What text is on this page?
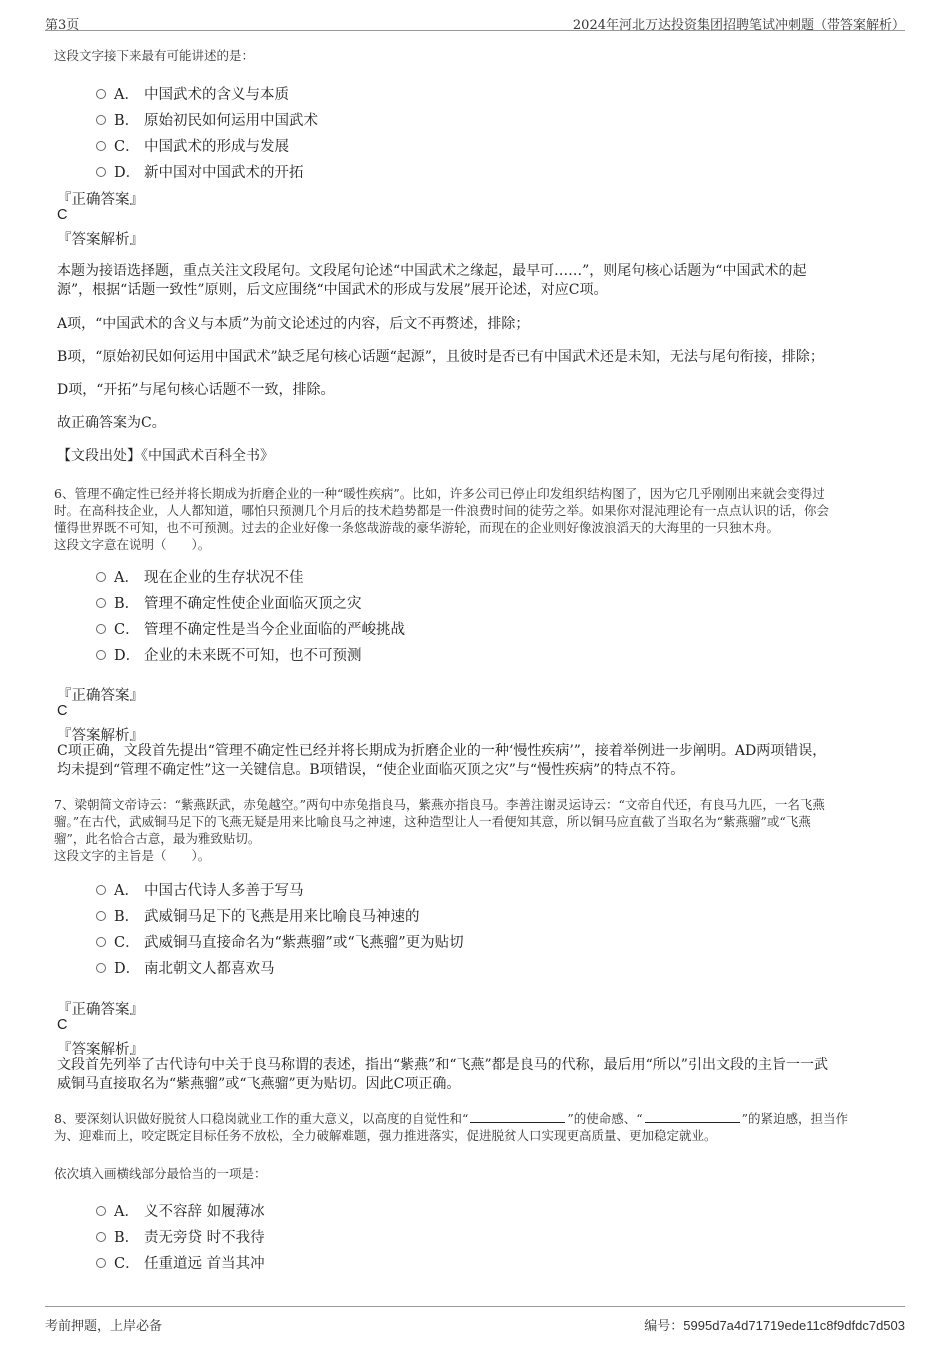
第3页	2024年河北万达投资集团招聘笔试冲刺题（带答案解析）
这段文字接下来最有可能讲述的是：
A． 中国武术的含义与本质
B． 原始初民如何运用中国武术
C． 中国武术的形成与发展
D． 新中国对中国武术的开拓
『正确答案』
C
『答案解析』
本题为接语选择题，重点关注文段尾句。文段尾句论述“中国武术之缘起，最早可……”，则尾句核心话题为“中国武术的起
源”，根据“话题一致性”原则，后文应围绕“中国武术的形成与发展”展开论述，对应C项。
A项，“中国武术的含义与本质”为前文论述过的内容，后文不再赘述，排除；
B项，“原始初民如何运用中国武术”缺乏尾句核心话题“起源”，且彼时是否已有中国武术还是未知，无法与尾句衔接，排除；
D项，“开拓”与尾句核心话题不一致，排除。
故正确答案为C。
【文段出处】《中国武术百科全书》
6、管理不确定性已经并将长期成为折磨企业的一种“暖性疾病”。比如，许多公司已停止印发组织结构图了，因为它几乎刚刚出来就会变得过
时。在高科技企业，人人都知道，哪怕只预测几个月后的技术趋势都是一件浪费时间的徒劳之举。如果你对混沌理论有一点点认识的话，你会
懂得世界既不可知，也不可预测。过去的企业好像一条悠哉游哉的豪华游轮，而现在的企业则好像波浪滔天的大海里的一只独木舟。
这段文字意在说明（　　）。
A． 现在企业的生存状况不佳
B． 管理不确定性使企业面临灭顶之灾
C． 管理不确定性是当今企业面临的严峻挑战
D． 企业的未来既不可知，也不可预测
『正确答案』
C
『答案解析』
C项正确，文段首先提出“管理不确定性已经并将长期成为折磨企业的一种‘慢性疾病’”，接着举例进一步阐明。AD两项错误，
均未提到“管理不确定性”这一关键信息。B项错误，“使企业面临灭顶之灾”与“慢性疾病”的特点不符。
7、梁朝简文帝诗云：“紫燕跃武，赤兔越空。”两句中赤兔指良马，紫燕亦指良马。李善注谢灵运诗云：“文帝自代还，有良马九匹，一名飞燕
骝。”在古代，武威铜马足下的飞燕无疑是用来比喻良马之神速，这种造型让人一看便知其意，所以铜马应直截了当取名为“紫燕骝”或“飞燕
骝”，此名恰合古意，最为雅致贴切。
这段文字的主旨是（　　）。
A． 中国古代诗人多善于写马
B． 武威铜马足下的飞燕是用来比喻良马神速的
C． 武威铜马直接命名为“紫燕骝”或“飞燕骝”更为贴切
D． 南北朝文人都喜欢马
『正确答案』
C
『答案解析』
文段首先列举了古代诗句中关于良马称谓的表述，指出“紫燕”和“飞燕”都是良马的代称，最后用“所以”引出文段的主旨一一武
威铜马直接取名为“紫燕骝”或“飞燕骝”更为贴切。因此C项正确。
8、要深刻认识做好脱贫人口稳岗就业工作的重大意义，以高度的自觉性和“	”的使命感、“	”的紧迫感，担当作
为、迎难而上，咬定既定目标任务不放松，全力破解难题，强力推进落实，促进脱贫人口实现更高质量、更加稳定就业。
依次填入画横线部分最恰当的一项是：
A． 义不容辞 如履薄冰
B． 责无旁贷 时不我待
C． 任重道远 首当其冲
考前押题，上岸必备	编号：5995d7a4d71719ede11c8f9dfdc7d503
